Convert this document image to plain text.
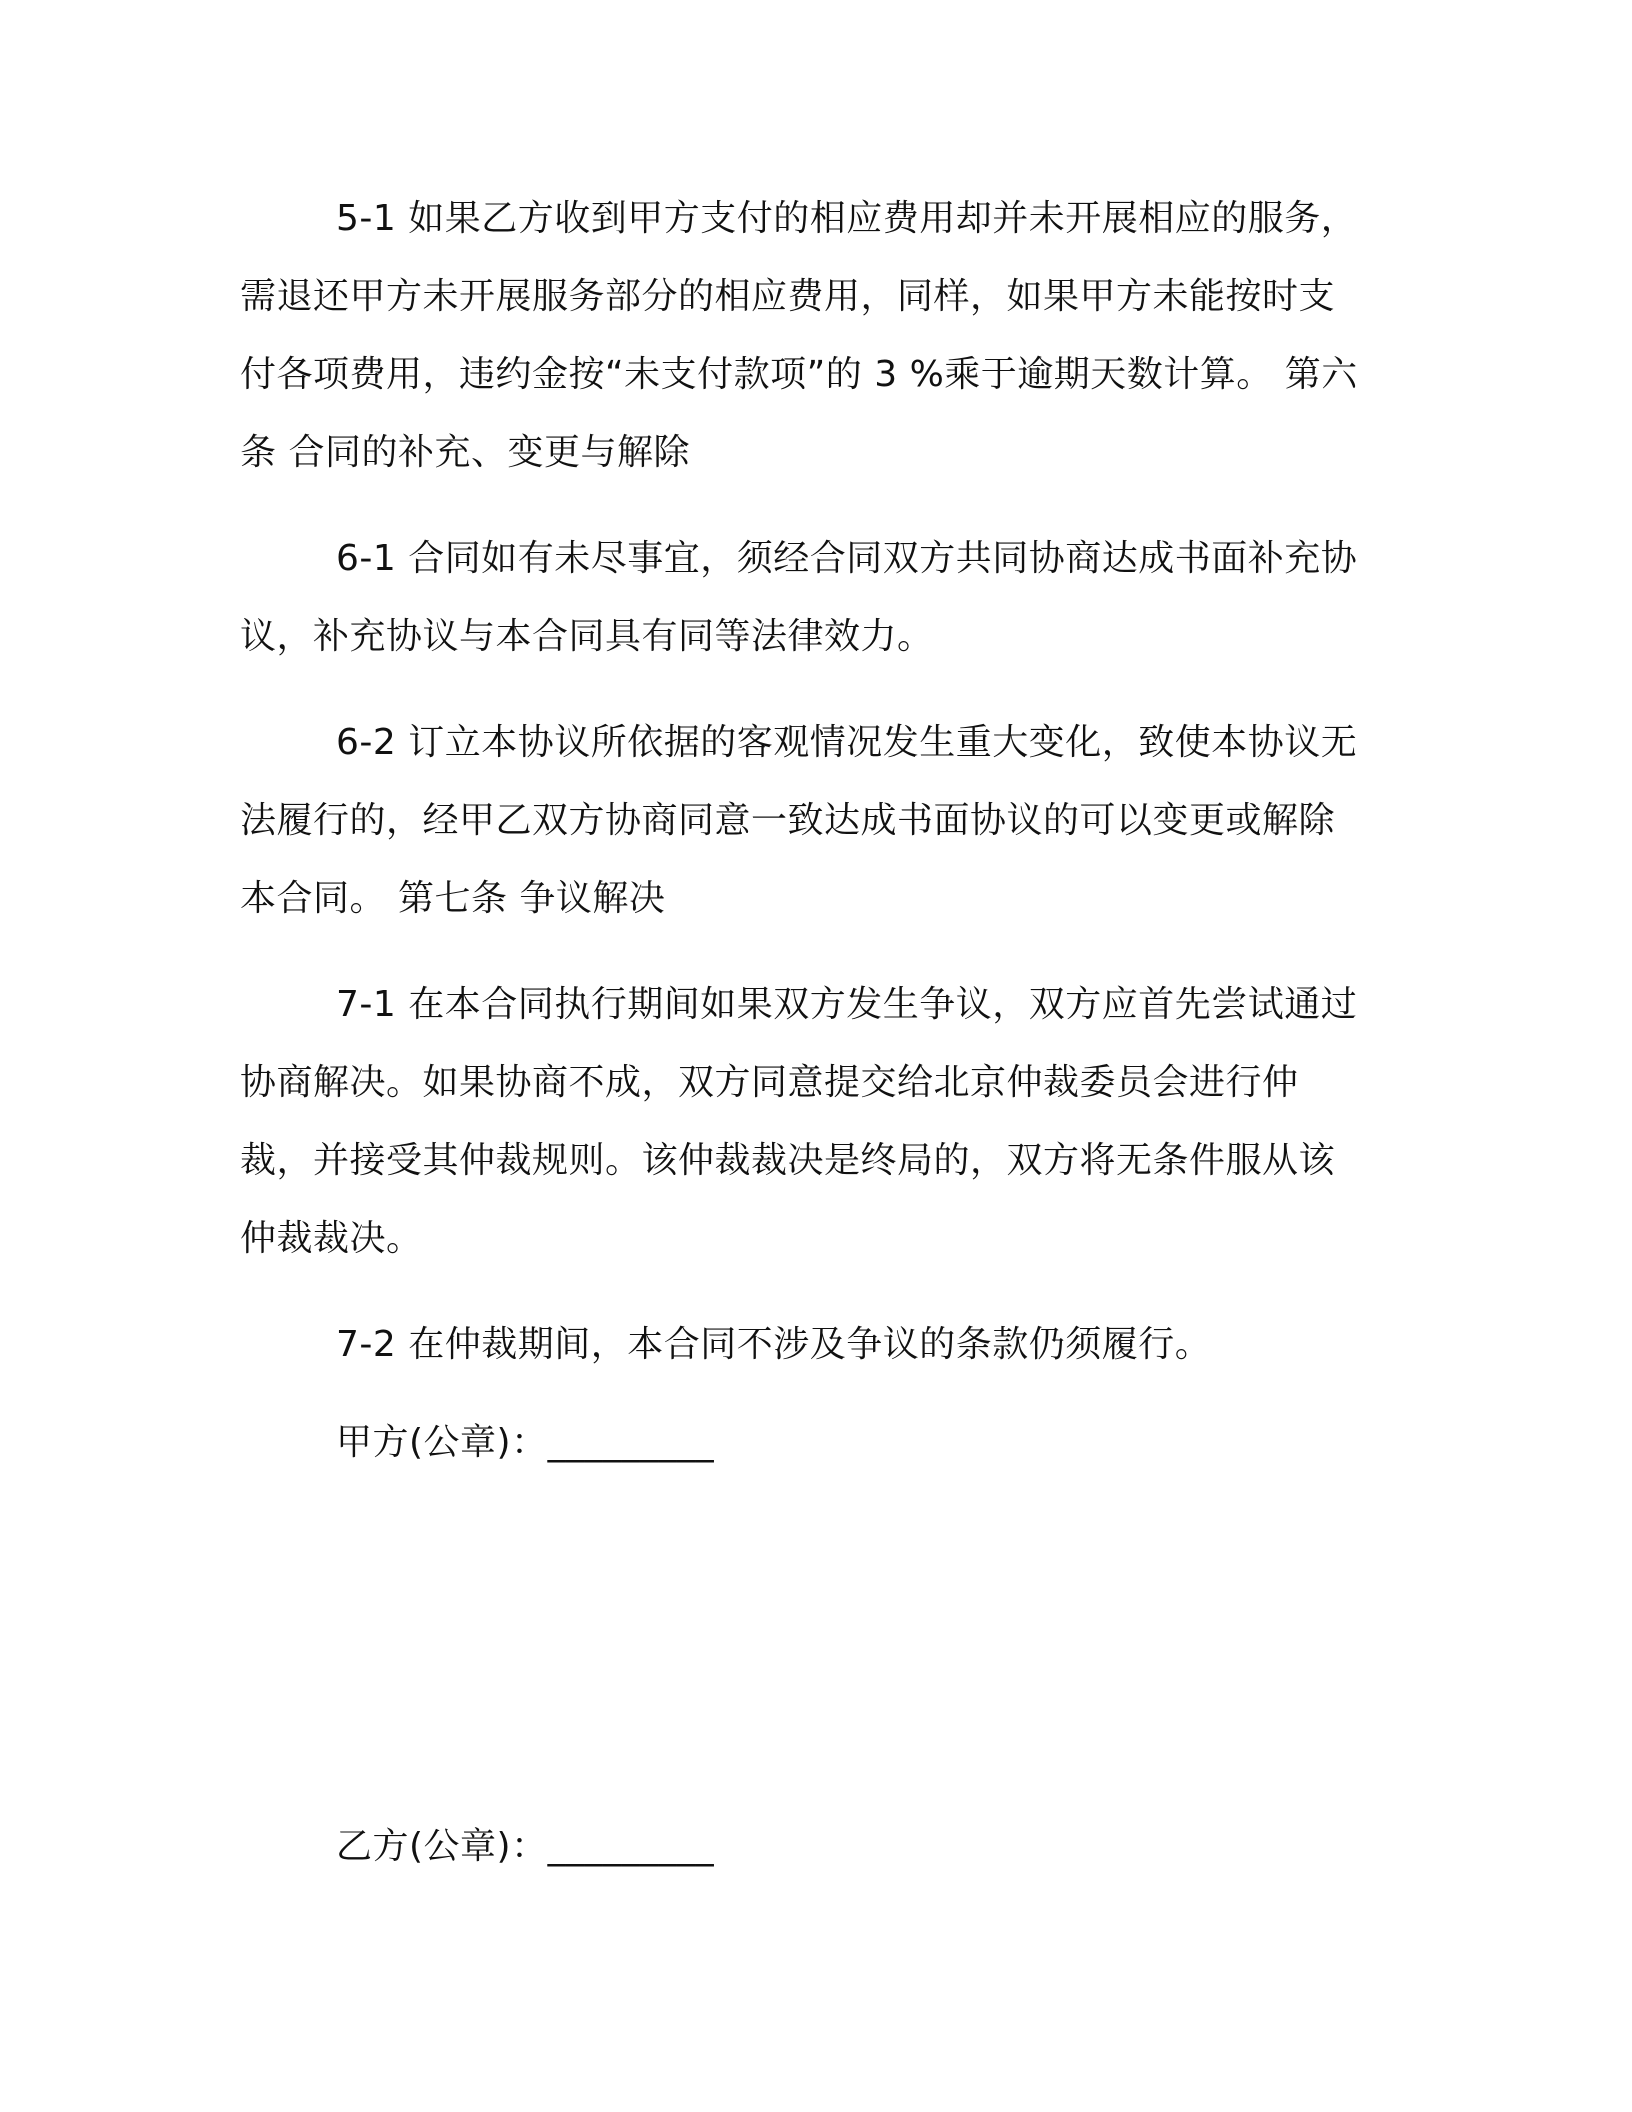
5-1 如果乙方收到甲方支付的相应费用却并未开展相应的服务，需退还甲方未开展服务部分的相应费用，同样，如果甲方未能按时支付各项费用，违约金按“未支付款项”的 3 %乘于逾期天数计算。 第六条 合同的补充、变更与解除

6-1 合同如有未尽事宜，须经合同双方共同协商达成书面补充协议，补充协议与本合同具有同等法律效力。

6-2 订立本协议所依据的客观情况发生重大变化，致使本协议无法履行的，经甲乙双方协商同意一致达成书面协议的可以变更或解除本合同。 第七条 争议解决

7-1 在本合同执行期间如果双方发生争议，双方应首先尝试通过协商解决。如果协商不成，双方同意提交给北京仲裁委员会进行仲裁，并接受其仲裁规则。该仲裁裁决是终局的，双方将无条件服从该仲裁裁决。

7-2 在仲裁期间，本合同不涉及争议的条款仍须履行。

甲方(公章)：_________

乙方(公章)：_________
